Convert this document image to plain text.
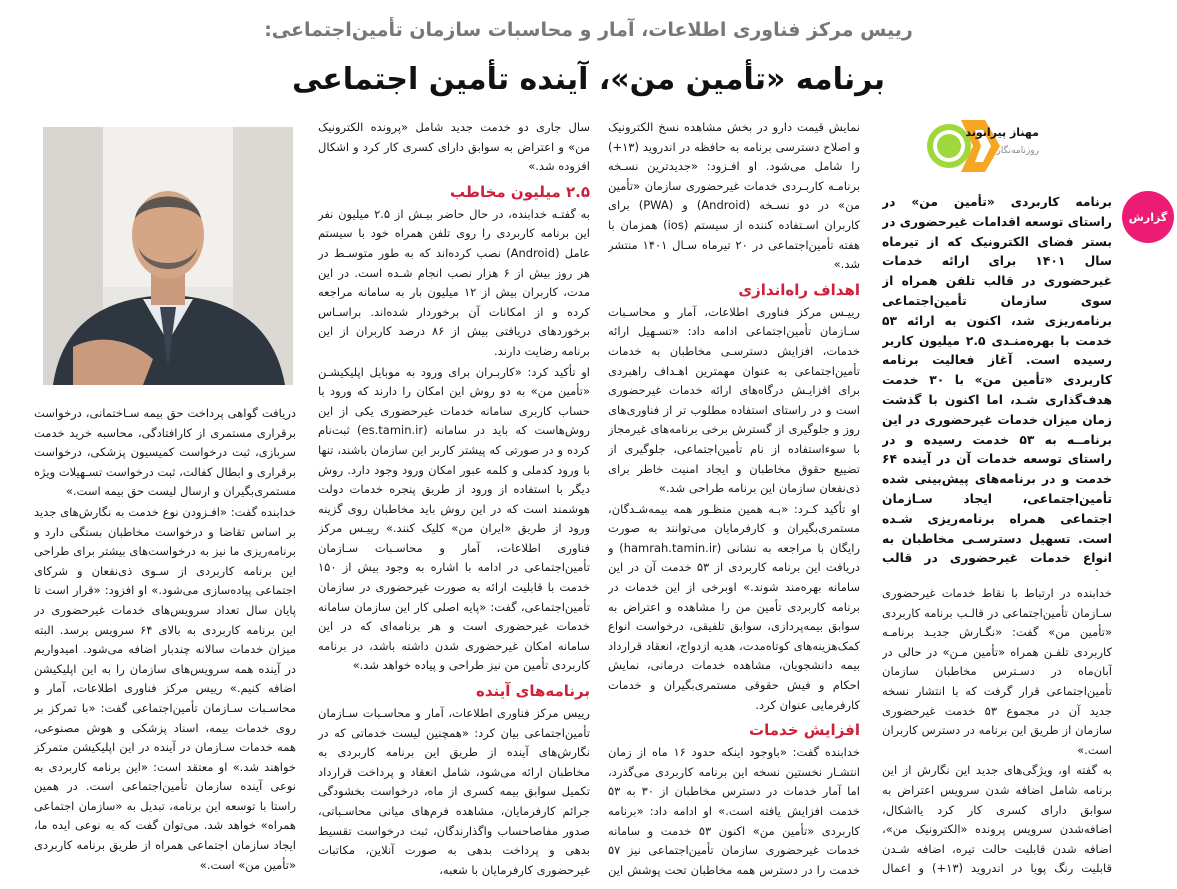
رییس مرکز فناوری اطلاعات، آمار و محاسبات سازمان تأمین‌اجتماعی:
برنامه «تأمین‌ من»، آینده تأمین اجتماعی
مهناز پیرانوند
روزنامه‌نگار
گزارش
برنامه کاربردی «تأمین من» در راستای توسعه اقدامات غیرحضوری در بستر فضای الکترونیک که از تیرماه سال ۱۴۰۱ برای ارائه خدمات غیرحضوری در قالب تلفن همراه از سوی سازمان تأمین‌اجتماعی برنامه‌ریزی شد، اکنون به ارائه ۵۳ خدمت با بهره‌منـدی ۲.۵ میلیون کاربر رسیده است. آغاز فعالیت برنامه کاربردی «تأمین من» با ۳۰ خدمت هدف‌گذاری شـد، اما اکنون با گذشت زمان میزان خدمات غیرحضوری در این برنامــه به ۵۳ خدمت رسیده و در راستای توسعه خدمات آن در آینده ۶۴ خدمت و در برنامه‌های پیش‌بینی شده تأمین‌اجتماعی، ایجاد سـازمان اجتماعی همراه برنامه‌ریزی شـده است. تسهیل دسترسـی مخاطبان به انواع خدمات غیرحضوری در قالب

خدابنده در ارتباط با نقاط خدمات غیرحضوری سـازمان تأمین‌اجتماعی در قالـب برنامه کاربردی «تأمین من» گفت: «نگـارش جدیـد برنامـه کاربردی تلفـن همراه «تأمین مـن» در حالی در آبان‌ماه در دسـترس مخاطبان سازمان تأمین‌اجتماعی قرار گرفت که با انتشار نسخه جدید آن در مجموع ۵۳ خدمت غیرحضوری سازمان از طریق این برنامه در دسترس کاربران است.»

به گفته او، ویژگی‌های جدید این نگارش از این برنامه شامل اضافه شدن سرویس اعتراض به سوابق دارای کسری کار کرد یااشکال، اضافه‌شدن سرویس پرونده «الکترونیک من»، اضافه شدن قابلیت حالت تیره، اضافه شـدن قابلیت رنگ پویا در اندروید (۱۳+) و اعمال

نمایش قیمت دارو در بخش مشاهده نسخ الکترونیک و اصلاح دسترسی برنامه به حافظه در اندروید (۱۳+) را شامل می‌شود. او افـزود: «جدیدترین نسـخه برنامـه کاربـردی خدمات غیرحضوری سازمان «تأمین من» در دو نسـخه (Android) و (PWA) برای کاربران اسـتفاده کننده از سیستم (ios) همزمان با هفته تأمین‌اجتماعی در ۲۰ تیرماه سـال ۱۴۰۱ منتشر شد.»

اهداف راه‌اندازی

رییـس مرکز فناوری اطلاعات، آمار و محاسـبات سـازمان تأمین‌اجتماعی ادامه داد: «تسـهیل ارائه خدمات، افزایش دسترسـی مخاطبان به خدمات تأمین‌اجتماعی به عنوان مهمترین اهـداف راهبردی برای افزایـش درگاه‌های ارائه خدمات غیرحضوری است و در راستای استفاده مطلوب تر از فناوری‌های روز و جلوگیری از گسترش برخی برنامه‌های غیرمجاز با سوءاستفاده از نام تأمین‌اجتماعی، جلوگیری از تضییع حقوق مخاطبان و ایجاد امنیت خاطر برای ذی‌نفعان سازمان این برنامه طراحی شد.»

او تأکید کـرد: «بـه همین منظـور همه بیمه‌شـدگان، مستمری‌بگیران و کارفرمایان می‌توانند به صورت رایگان با مراجعه به نشانی (hamrah.tamin.ir) و دریافت این برنامه کاربردی از ۵۳ خدمت آن در این سامانه بهره‌مند شوند.» اوبرخی از این خدمات در برنامه کاربردی تأمین من را مشاهده و اعتراض به سوابق بیمه‌پردازی، سوابق تلفیقی، درخواست انواع کمک‌هزینه‌های کوتاه‌مدت، هدیه ازدواج، انعقاد قرارداد بیمه دانشجویان، مشاهده خدمات درمانی، نمایش احکام و فیش حقوقی مستمری‌بگیران و خدمات کارفرمایی عنوان کرد.

افزایش خدمات

خدابنده گفت: «باوجود اینکه حدود ۱۶ ماه از زمان انتشـار نخستین نسخه این برنامه کاربردی می‌گذرد، اما آمار خدمات در دسترس مخاطبان از ۳۰ به ۵۳ خدمت افزایش یافته است.» او ادامه داد: «برنامه کاربردی «تأمین من» اکنون ۵۳ خدمت و سامانه خدمات غیرحضوری سازمان تأمین‌اجتماعی نیز ۵۷ خدمت را در دسترس همه مخاطبان تحت پوشش این

سال جاری دو خدمت جدید شامل «پرونده الکترونیک من» و اعتراض به سوابق دارای کسری کار کرد و اشکال افزوده شد.»

۲.۵ میلیون مخاطب

به گفتـه خدابنده، در حال حاضر بیـش از ۲.۵ میلیون نفر این برنامه کاربردی را روی تلفن همراه خود با سیستم عامل (Android) نصب کرده‌اند که به طور متوسـط در هر روز بیش از ۶ هزار نصب انجام شـده است. در این مدت، کاربران بیش از ۱۲ میلیون بار به سامانه مراجعه کرده و از امکانات آن برخوردار شده‌اند. براسـاس برخوردهای دریافتی بیش از ۸۶ درصد کاربران از این برنامه رضایت دارند.

او تأکید کرد: «کاربـران برای ورود به موبایل اپلیکیشـن «تأمین من» به دو روش این امکان را دارند که ورود با حساب کاربری سامانه خدمات غیرحضوری یکی از این روش‌هاست که باید در سامانه (es.tamin.ir) ثبت‌نام کرده و در صورتی که پیشتر کاربر این سازمان باشند، تنها با ورود کدملی و کلمه عبور امکان ورود وجود دارد. روش دیگر با استفاده از ورود از طریق پنجره خدمات دولت هوشمند است که در این روش باید مخاطبان روی گزینه ورود از طریق «ایران من» کلیک کنند.» رییـس مرکز فناوری اطلاعات، آمار و محاسـبات سـازمان تأمین‌اجتماعی در ادامه با اشاره به وجود بیش از ۱۵۰ خدمت با قابلیت ارائه به صورت غیرحضوری در سازمان تأمین‌اجتماعی، گفت: «پایه اصلی کار این سازمان سامانه خدمات غیرحضوری است و هر برنامه‌ای که در این سامانه امکان غیرحضوری شدن داشته باشد، در برنامه کاربردی تأمین من نیز طراحی و پیاده خواهد شد.»

برنامه‌های آینده

رییس مرکز فناوری اطلاعات، آمار و محاسـبات سـازمان تأمین‌اجتماعی بیان کرد: «همچنین لیست خدماتی که در نگارش‌های آینده از طریق این برنامه کاربردی به مخاطبان ارائه می‌شود، شامل انعقاد و پرداخت قرارداد تکمیل سوابق بیمه کسری از ماه، درخواست بخشودگی جرائم کارفرمایان، مشاهده فرم‌های میانی محاسـباتی، صدور مفاصاحساب واگذارندگان، ثبت درخواست تقسیط بدهی و پرداخت بدهی به صورت آنلاین، مکاتبات غیرحضوری کارفرمایان با شعبه،

دریافت گواهی پرداخت حق بیمه سـاختمانی، درخواست برقراری مستمری از کارافتادگی، محاسبه خرید خدمت سربازی، ثبت درخواست کمیسیون پزشکی، درخواست برقراری و ابطال کفالت، ثبت درخواست تسـهیلات ویژه مستمری‌بگیران و ارسال لیست حق بیمه است.»

خدابنده گفت: «افـزودن نوع خدمت به نگارش‌های جدید بر اساس تقاضا و درخواست مخاطبان بستگی دارد و برنامه‌ریزی ما نیز به درخواست‌های بیشتر برای طراحی این برنامه کاربردی از سـوی ذی‌نفعان و شرکای اجتماعی پیاده‌سازی می‌شود.» او افزود: «قرار است تا پایان سال تعداد سرویس‌های خدمات غیرحضوری در این برنامه کاربردی به بالای ۶۴ سرویس برسد. البته میزان خدمات سالانه چندبار اضافه می‌شود. امیدواریم در آینده همه سرویس‌های سازمان را به این اپلیکیشن اضافه کنیم.» رییس مرکز فناوری اطلاعات، آمار و محاسـبات سـازمان تأمین‌اجتماعی گفت: «با تمرکز بر روی خدمات بیمه، اسناد پزشکی و هوش مصنوعی، همه خدمات سـازمان در آینده در این اپلیکیشن متمرکز خواهند شد.» او معتقد است: «این برنامه کاربردی به نوعی آینده سازمان تأمین‌اجتماعی است. در همین راستا با توسعه این برنامه، تبدیل به «سازمان اجتماعی همراه» خواهد شد. می‌توان گفت که به نوعی ایده ما، ایجاد سازمان اجتماعی همراه از طریق برنامه کاربردی «تأمین من» است.»
